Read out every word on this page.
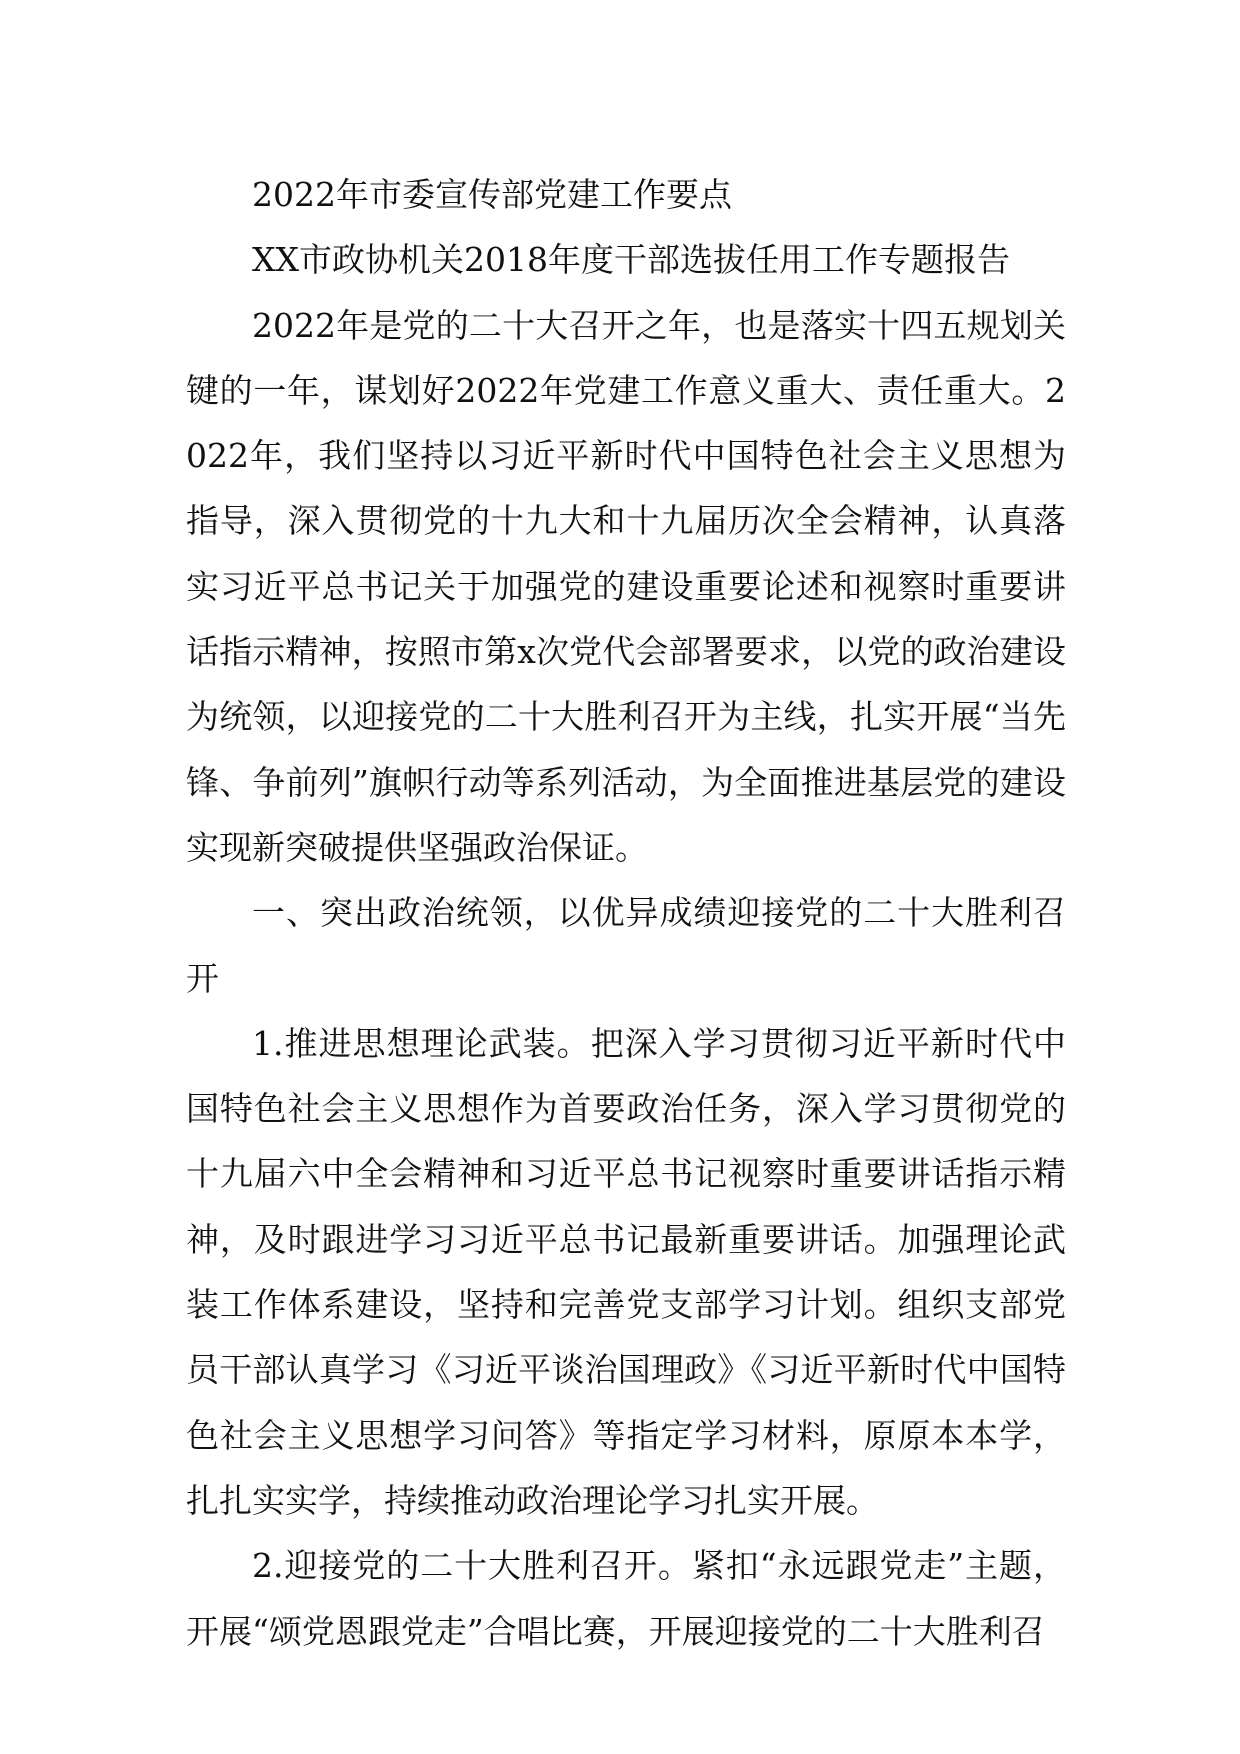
2022年市委宣传部党建工作要点

XX市政协机关2018年度干部选拔任用工作专题报告

2022年是党的二十大召开之年，也是落实十四五规划关键的一年，谋划好2022年党建工作意义重大、责任重大。2022年，我们坚持以习近平新时代中国特色社会主义思想为指导，深入贯彻党的十九大和十九届历次全会精神，认真落实习近平总书记关于加强党的建设重要论述和视察时重要讲话指示精神，按照市第x次党代会部署要求，以党的政治建设为统领，以迎接党的二十大胜利召开为主线，扎实开展“当先锋、争前列”旗帜行动等系列活动，为全面推进基层党的建设实现新突破提供坚强政治保证。

一、突出政治统领，以优异成绩迎接党的二十大胜利召开

1.推进思想理论武装。把深入学习贯彻习近平新时代中国特色社会主义思想作为首要政治任务，深入学习贯彻党的十九届六中全会精神和习近平总书记视察时重要讲话指示精神，及时跟进学习习近平总书记最新重要讲话。加强理论武装工作体系建设，坚持和完善党支部学习计划。组织支部党员干部认真学习《习近平谈治国理政》《习近平新时代中国特色社会主义思想学习问答》等指定学习材料，原原本本学，扎扎实实学，持续推动政治理论学习扎实开展。

2.迎接党的二十大胜利召开。紧扣“永远跟党走”主题，开展“颂党恩跟党走”合唱比赛，开展迎接党的二十大胜利召
